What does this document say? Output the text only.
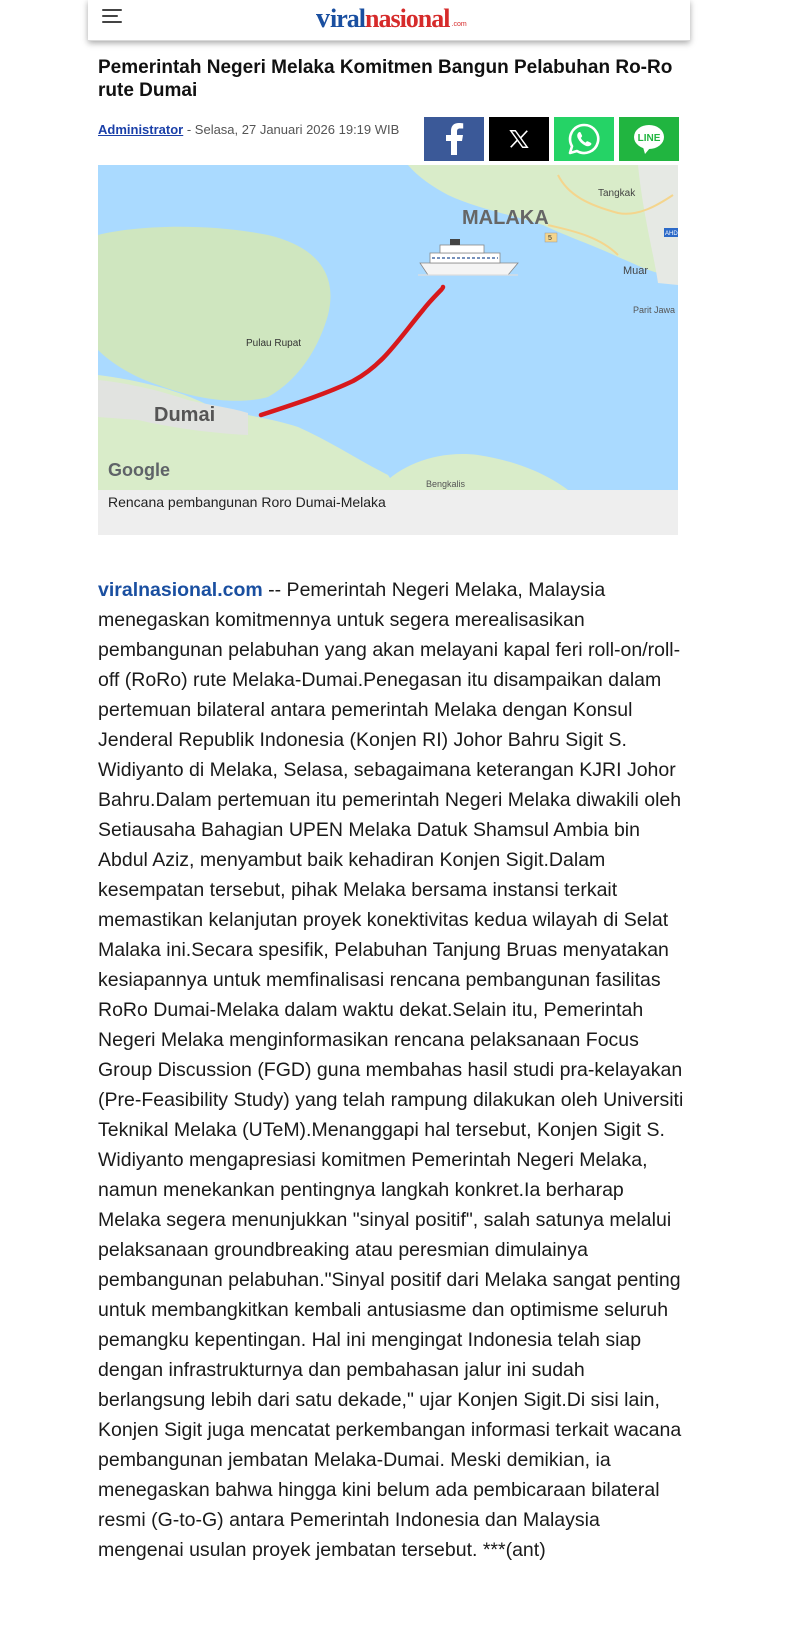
v iralnasional .com
Pemerintah Negeri Melaka Komitmen Bangun Pelabuhan Ro-Ro rute Dumai
Administrator - Selasa, 27 Januari 2026 19:19 WIB
LINE
MALAKA
Dumai
Pulau Rupat
Tangkak
Muar
Parit Jawa
Bengkalis
5
AHD
Google
Rencana pembangunan Roro Dumai-Melaka

viralnasional.com -- Pemerintah Negeri Melaka, Malaysia menegaskan komitmennya untuk segera merealisasikan pembangunan pelabuhan yang akan melayani kapal feri roll-on/roll-off (RoRo) rute Melaka-Dumai.Penegasan itu disampaikan dalam pertemuan bilateral antara pemerintah Melaka dengan Konsul Jenderal Republik Indonesia (Konjen RI) Johor Bahru Sigit S. Widiyanto di Melaka, Selasa, sebagaimana keterangan KJRI Johor Bahru.Dalam pertemuan itu pemerintah Negeri Melaka diwakili oleh Setiausaha Bahagian UPEN Melaka Datuk Shamsul Ambia bin Abdul Aziz, menyambut baik kehadiran Konjen Sigit.Dalam kesempatan tersebut, pihak Melaka bersama instansi terkait memastikan kelanjutan proyek konektivitas kedua wilayah di Selat Malaka ini.Secara spesifik, Pelabuhan Tanjung Bruas menyatakan kesiapannya untuk memfinalisasi rencana pembangunan fasilitas RoRo Dumai-Melaka dalam waktu dekat.Selain itu, Pemerintah Negeri Melaka menginformasikan rencana pelaksanaan Focus Group Discussion (FGD) guna membahas hasil studi pra-kelayakan (Pre-Feasibility Study) yang telah rampung dilakukan oleh Universiti Teknikal Melaka (UTeM).Menanggapi hal tersebut, Konjen Sigit S. Widiyanto mengapresiasi komitmen Pemerintah Negeri Melaka, namun menekankan pentingnya langkah konkret.Ia berharap Melaka segera menunjukkan "sinyal positif", salah satunya melalui pelaksanaan groundbreaking atau peresmian dimulainya pembangunan pelabuhan."Sinyal positif dari Melaka sangat penting untuk membangkitkan kembali antusiasme dan optimisme seluruh pemangku kepentingan. Hal ini mengingat Indonesia telah siap dengan infrastrukturnya dan pembahasan jalur ini sudah berlangsung lebih dari satu dekade," ujar Konjen Sigit.Di sisi lain, Konjen Sigit juga mencatat perkembangan informasi terkait wacana pembangunan jembatan Melaka-Dumai. Meski demikian, ia menegaskan bahwa hingga kini belum ada pembicaraan bilateral resmi (G-to-G) antara Pemerintah Indonesia dan Malaysia mengenai usulan proyek jembatan tersebut. ***(ant)
